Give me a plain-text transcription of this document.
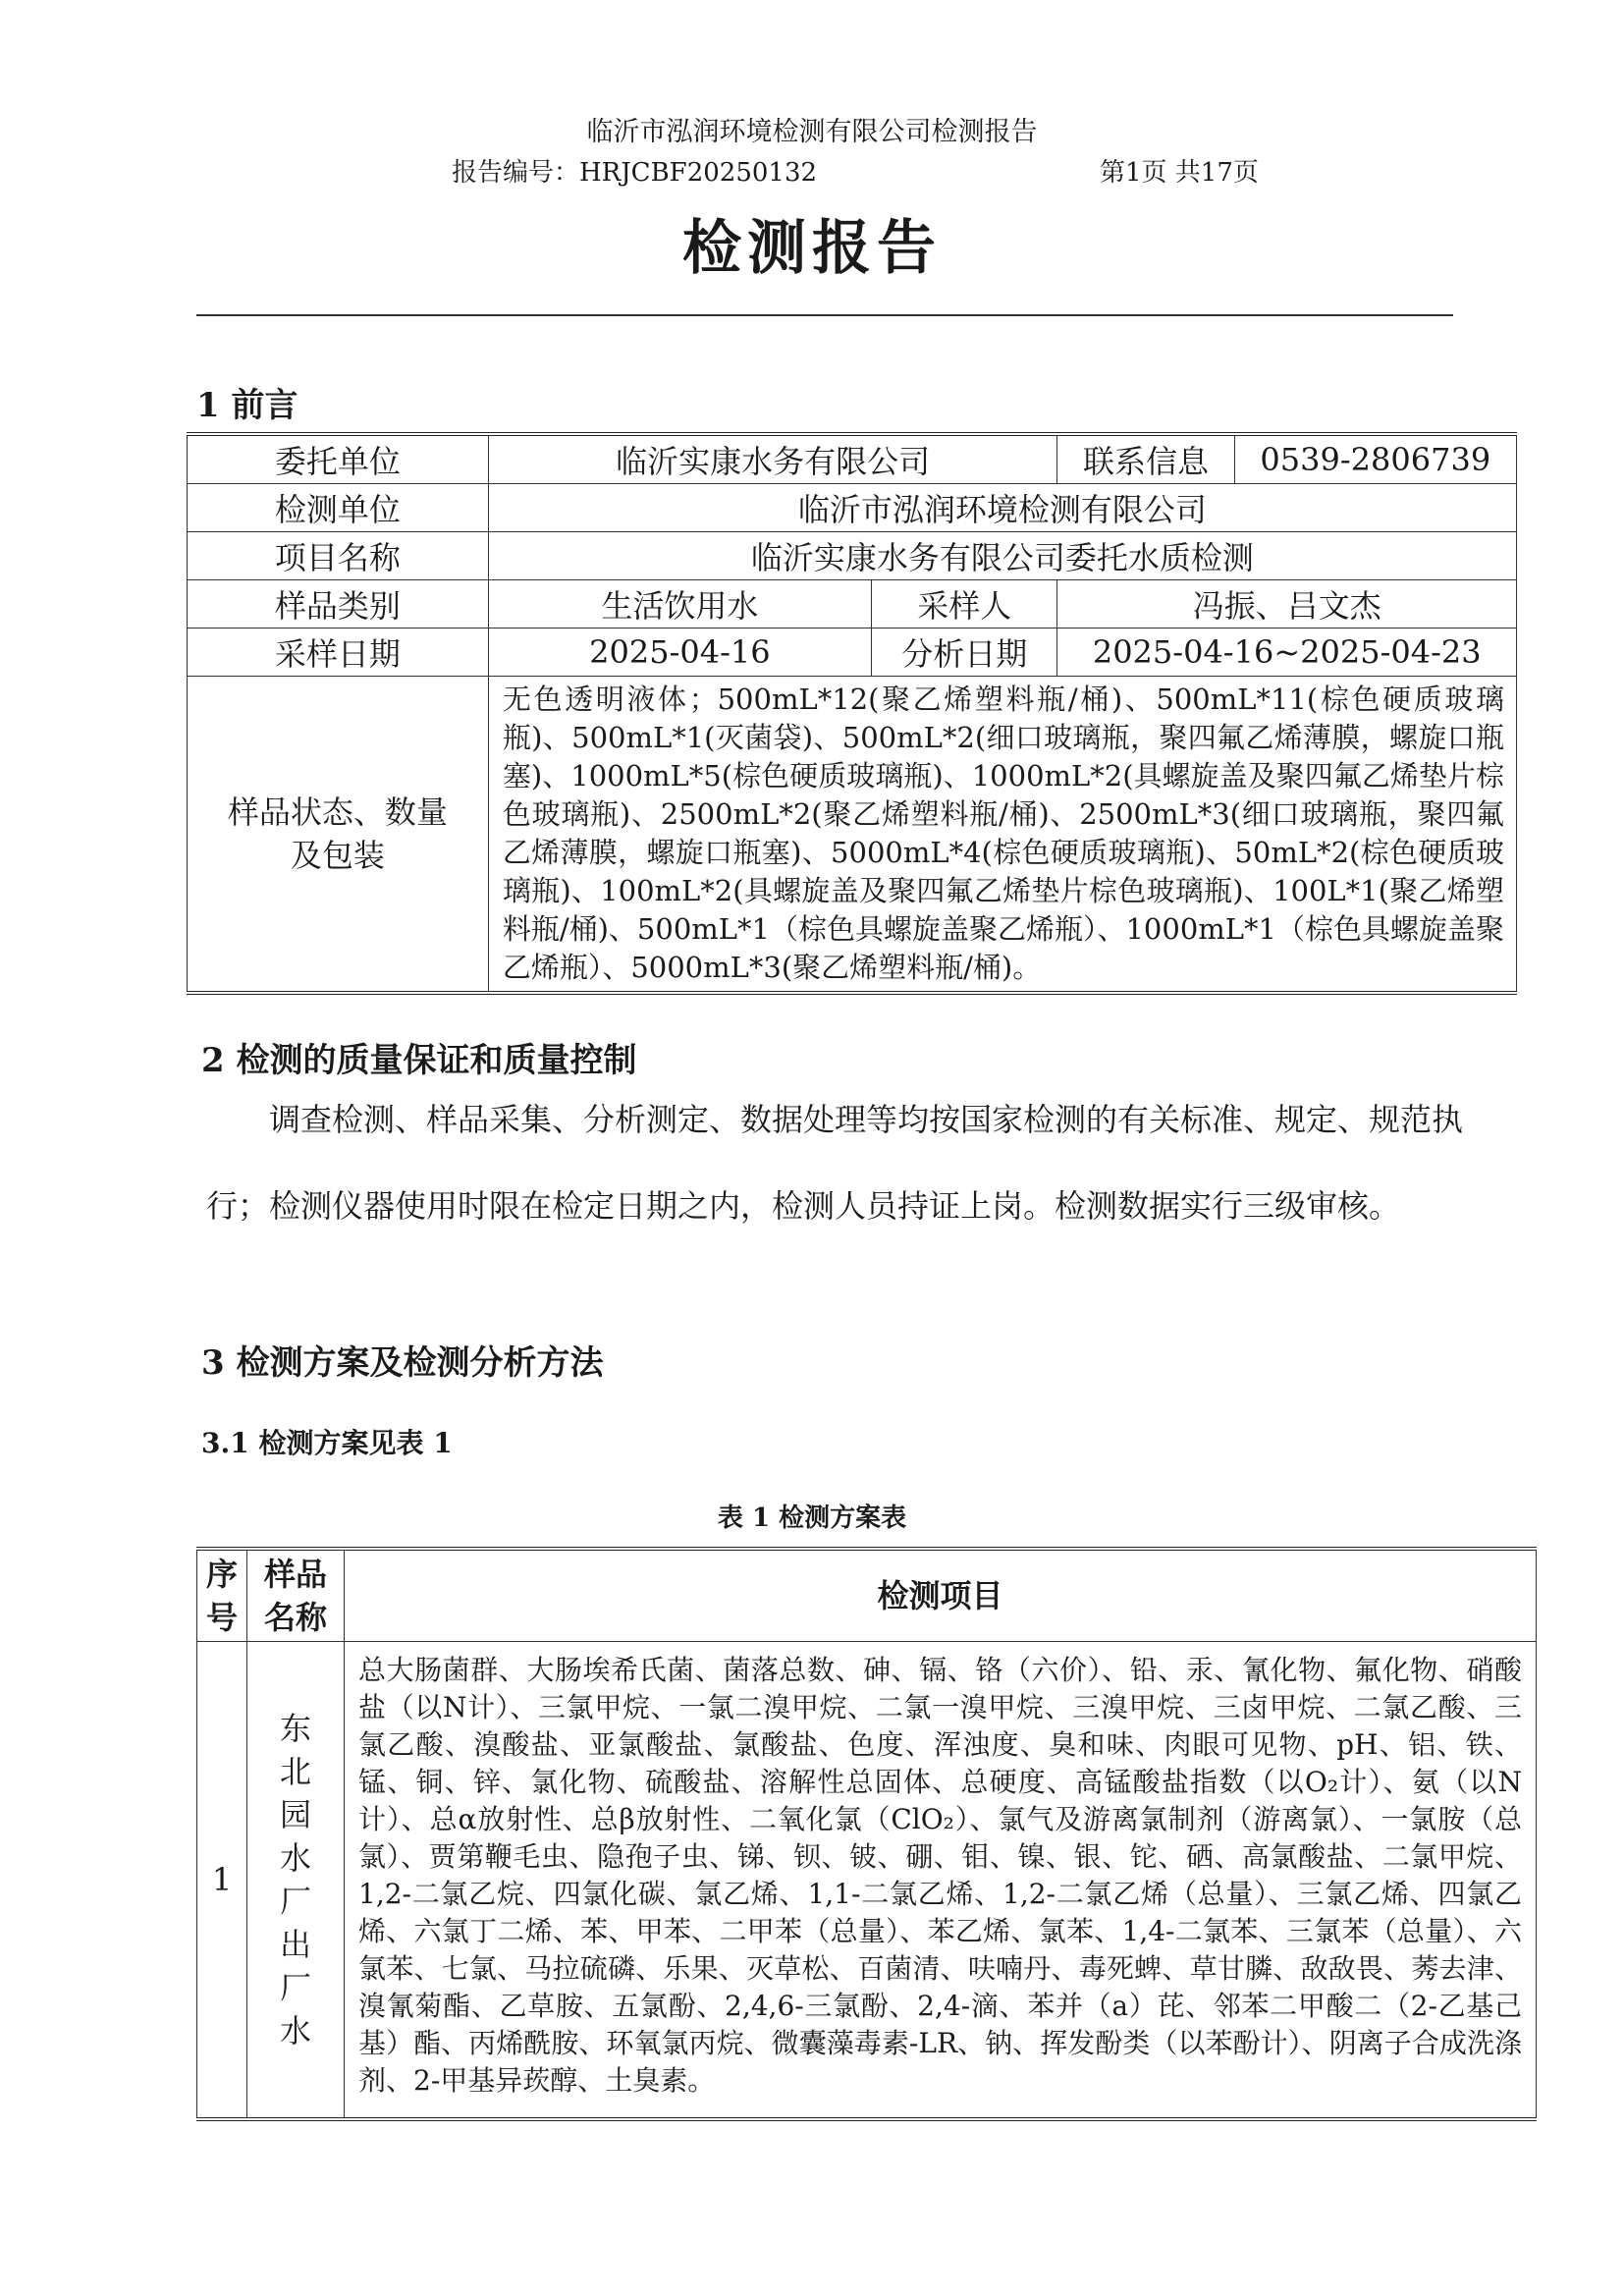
临沂市泓润环境检测有限公司检测报告
报告编号：HRJCBF20250132	第1页 共17页
检测报告
1 前言
委托单位	临沂实康水务有限公司		联系信息	0539-2806739
检测单位	临沂市泓润环境检测有限公司			
项目名称	临沂实康水务有限公司委托水质检测			
样品类别	生活饮用水	采样人	冯振、吕文杰	
采样日期	2025-04-16	分析日期	2025-04-16~2025-04-23	
样品状态、数量及包装	无色透明液体；500mL*12(聚乙烯塑料瓶/桶)、500mL*11(棕色硬质玻璃瓶)、500mL*1(灭菌袋)、500mL*2(细口玻璃瓶，聚四氟乙烯薄膜，螺旋口瓶塞)、1000mL*5(棕色硬质玻璃瓶)、1000mL*2(具螺旋盖及聚四氟乙烯垫片棕色玻璃瓶)、2500mL*2(聚乙烯塑料瓶/桶)、2500mL*3(细口玻璃瓶，聚四氟乙烯薄膜，螺旋口瓶塞)、5000mL*4(棕色硬质玻璃瓶)、50mL*2(棕色硬质玻璃瓶)、100mL*2(具螺旋盖及聚四氟乙烯垫片棕色玻璃瓶)、100L*1(聚乙烯塑料瓶/桶)、500mL*1（棕色具螺旋盖聚乙烯瓶）、1000mL*1（棕色具螺旋盖聚乙烯瓶）、5000mL*3(聚乙烯塑料瓶/桶)。			
2 检测的质量保证和质量控制
调查检测、样品采集、分析测定、数据处理等均按国家检测的有关标准、规定、规范执行；检测仪器使用时限在检定日期之内，检测人员持证上岗。检测数据实行三级审核。
3 检测方案及检测分析方法
3.1 检测方案见表 1
表 1 检测方案表
序号	样品名称	检测项目
1	东北园水厂出厂水	总大肠菌群、大肠埃希氏菌、菌落总数、砷、镉、铬（六价）、铅、汞、氰化物、氟化物、硝酸盐（以N计）、三氯甲烷、一氯二溴甲烷、二氯一溴甲烷、三溴甲烷、三卤甲烷、二氯乙酸、三氯乙酸、溴酸盐、亚氯酸盐、氯酸盐、色度、浑浊度、臭和味、肉眼可见物、pH、铝、铁、锰、铜、锌、氯化物、硫酸盐、溶解性总固体、总硬度、高锰酸盐指数（以O₂计）、氨（以N计）、总α放射性、总β放射性、二氧化氯（ClO₂）、氯气及游离氯制剂（游离氯）、一氯胺（总氯）、贾第鞭毛虫、隐孢子虫、锑、钡、铍、硼、钼、镍、银、铊、硒、高氯酸盐、二氯甲烷、1,2-二氯乙烷、四氯化碳、氯乙烯、1,1-二氯乙烯、1,2-二氯乙烯（总量）、三氯乙烯、四氯乙烯、六氯丁二烯、苯、甲苯、二甲苯（总量）、苯乙烯、氯苯、1,4-二氯苯、三氯苯（总量）、六氯苯、七氯、马拉硫磷、乐果、灭草松、百菌清、呋喃丹、毒死蜱、草甘膦、敌敌畏、莠去津、溴氰菊酯、乙草胺、五氯酚、2,4,6-三氯酚、2,4-滴、苯并（a）芘、邻苯二甲酸二（2-乙基己基）酯、丙烯酰胺、环氧氯丙烷、微囊藻毒素-LR、钠、挥发酚类（以苯酚计）、阴离子合成洗涤剂、2-甲基异莰醇、土臭素。
